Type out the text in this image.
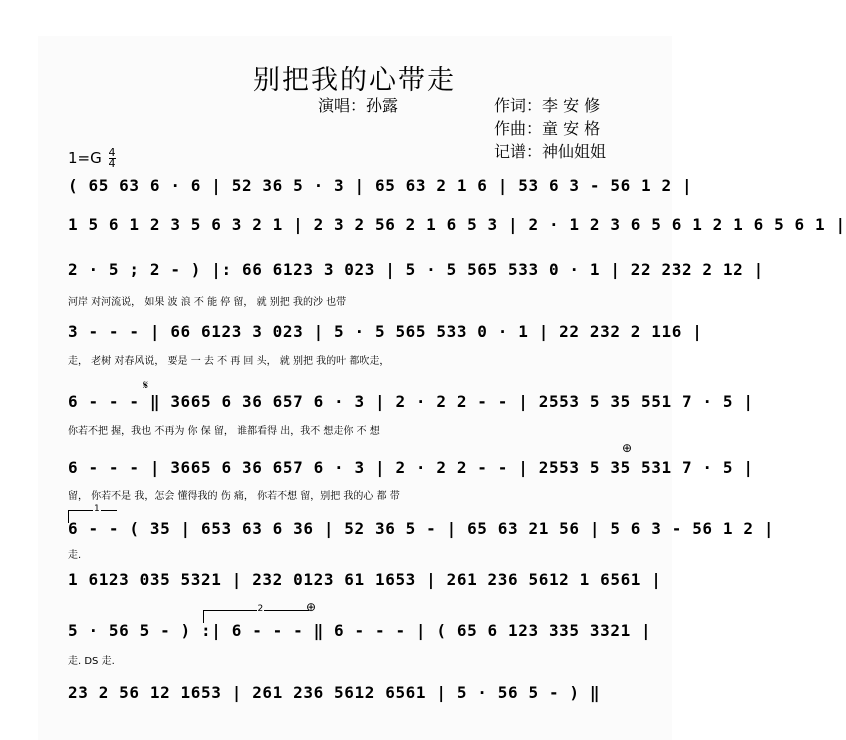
别把我的心带走
演唱：孙露	作词：李 安 修
作曲：童 安 格
记谱：神仙姐姐
$1=G \frac{4}{4}$
( 65 63 6 · 6 | 52 36 5 · 3 | 65 63 2 1 6 | 53 6 3 - 56 1 2 |
1 5 6 1 2 3 5 6 3 2 1 | 2 3 2 56 2 1 6 5 3 | 2 · 1 2 3 6 5 6 1 2 1 6 5 6 1 |
2 · 5 ; 2 - ) |: 66 6123 3 023 | 5 · 5 565 533 0 · 1 | 22 232 2 12 |
河岸 对河流说， 如果 波 浪 不 能 停 留， 就 别把 我的沙 也带
3 - - - | 66 6123 3 023 | 5 · 5 565 533 0 · 1 | 22 232 2 116 |
走， 老树 对春风说， 要是 一 去 不 再 回 头， 就 别把 我的叶 都吹走，
𝄋
6 - - - ‖ 3665 6 36 657 6 · 3 | 2 · 2 2 - - | 2553 5 35 551 7 · 5 |
你若不把 握，我也 不再为 你 保 留， 谁都看得 出，我不 想走你 不 想
⊕
6 - - - | 3665 6 36 657 6 · 3 | 2 · 2 2 - - | 2553 5 35 531 7 · 5 |
留， 你若不是 我，怎会 懂得我的 伤 痛， 你若不想 留，别把 我的心 都 带
1
6 - - ( 35 | 653 63 6 36 | 52 36 5 - | 65 63 21 56 | 5 6 3 - 56 1 2 |
走.
1 6123 035 5321 | 232 0123 61 1653 | 261 236 5612 1 6561 |
2	⊕
5 · 56 5 - ) :| 6 - - - ‖ 6 - - - | ( 65 6 123 335 3321 |
走. DS 走.
23 2 56 12 1653 | 261 236 5612 6561 | 5 · 56 5 - ) ‖
